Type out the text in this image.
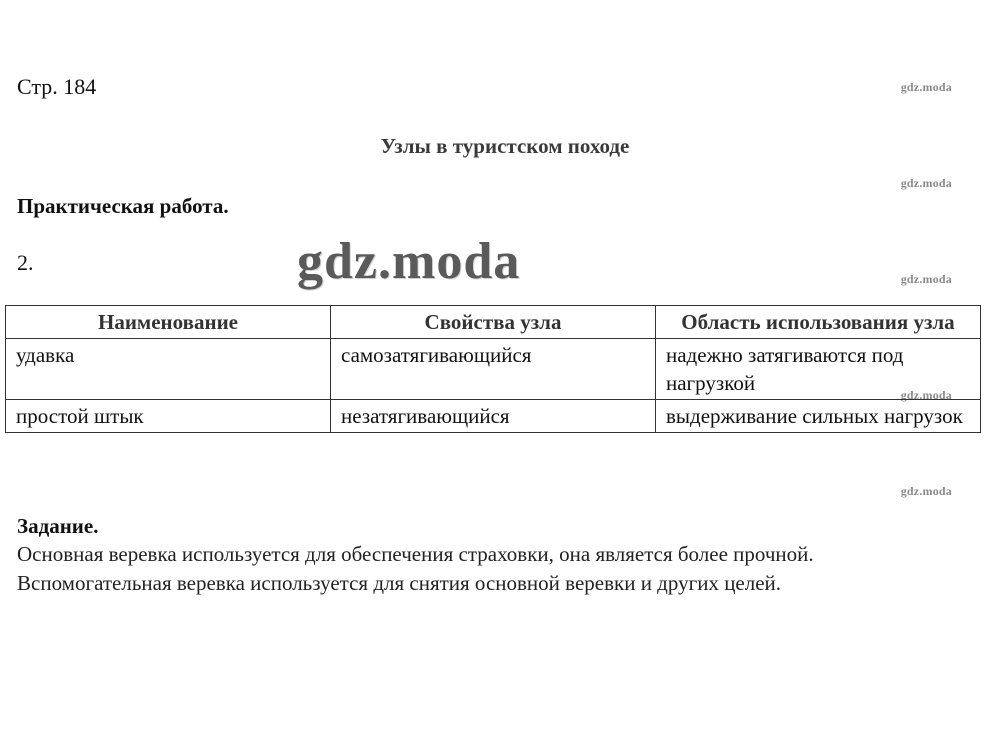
Стр. 184	gdz.moda
gdz.moda
gdz.moda
gdz.moda
gdz.moda
Узлы в туристском походе
Практическая работа.
2.	gdz.moda
Наименование	Свойства узла	Область использования узла
удавка	самозатягивающийся	надежно затягиваются под нагрузкой
простой штык	незатягивающийся	выдерживание сильных нагрузок
Задание.
Основная веревка используется для обеспечения страховки, она является более прочной.
Вспомогательная веревка используется для снятия основной веревки и других целей.
